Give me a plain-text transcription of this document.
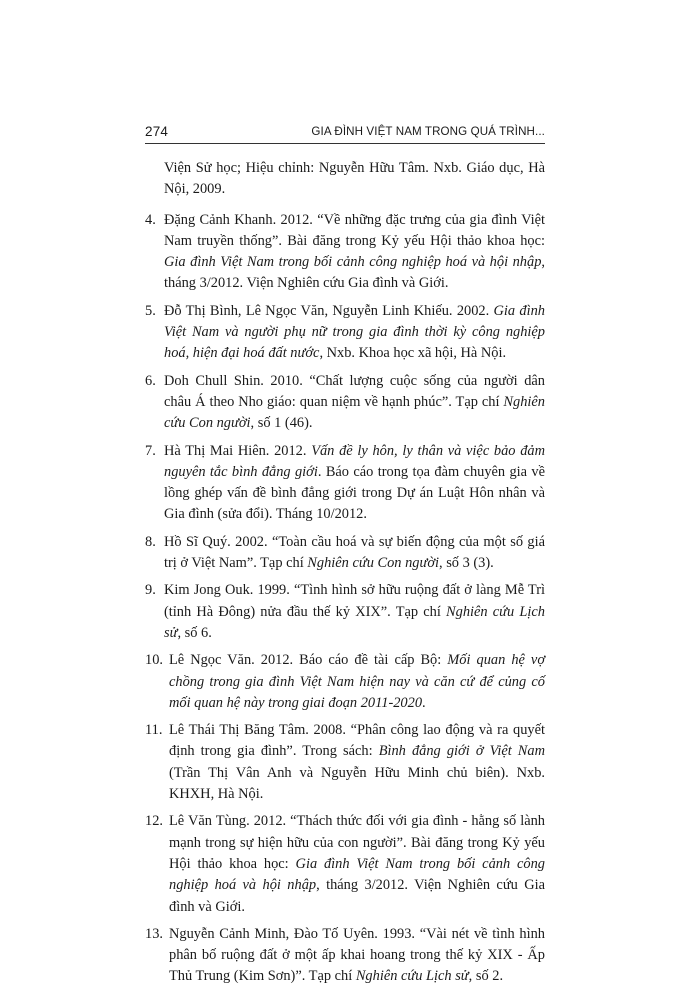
274	GIA ĐÌNH VIỆT NAM TRONG QUÁ TRÌNH...
Viện Sử học; Hiệu chỉnh: Nguyễn Hữu Tâm. Nxb. Giáo dục, Hà Nội, 2009.
4. Đặng Cảnh Khanh. 2012. “Về những đặc trưng của gia đình Việt Nam truyền thống”. Bài đăng trong Kỷ yếu Hội thảo khoa học: Gia đình Việt Nam trong bối cảnh công nghiệp hoá và hội nhập, tháng 3/2012. Viện Nghiên cứu Gia đình và Giới.
5. Đỗ Thị Bình, Lê Ngọc Văn, Nguyễn Linh Khiếu. 2002. Gia đình Việt Nam và người phụ nữ trong gia đình thời kỳ công nghiệp hoá, hiện đại hoá đất nước, Nxb. Khoa học xã hội, Hà Nội.
6. Doh Chull Shin. 2010. “Chất lượng cuộc sống của người dân châu Á theo Nho giáo: quan niệm về hạnh phúc”. Tạp chí Nghiên cứu Con người, số 1 (46).
7. Hà Thị Mai Hiên. 2012. Vấn đề ly hôn, ly thân và việc bảo đảm nguyên tắc bình đẳng giới. Báo cáo trong tọa đàm chuyên gia về lồng ghép vấn đề bình đẳng giới trong Dự án Luật Hôn nhân và Gia đình (sửa đổi). Tháng 10/2012.
8. Hồ Sĩ Quý. 2002. “Toàn cầu hoá và sự biến động của một số giá trị ở Việt Nam”. Tạp chí Nghiên cứu Con người, số 3 (3).
9. Kim Jong Ouk. 1999. “Tình hình sở hữu ruộng đất ở làng Mễ Trì (tỉnh Hà Đông) nửa đầu thế kỷ XIX”. Tạp chí Nghiên cứu Lịch sử, số 6.
10. Lê Ngọc Văn. 2012. Báo cáo đề tài cấp Bộ: Mối quan hệ vợ chồng trong gia đình Việt Nam hiện nay và căn cứ để củng cố mối quan hệ này trong giai đoạn 2011-2020.
11. Lê Thái Thị Băng Tâm. 2008. “Phân công lao động và ra quyết định trong gia đình”. Trong sách: Bình đẳng giới ở Việt Nam (Trần Thị Vân Anh và Nguyễn Hữu Minh chủ biên). Nxb. KHXH, Hà Nội.
12. Lê Văn Tùng. 2012. “Thách thức đối với gia đình - hằng số lành mạnh trong sự hiện hữu của con người”. Bài đăng trong Kỷ yếu Hội thảo khoa học: Gia đình Việt Nam trong bối cảnh công nghiệp hoá và hội nhập, tháng 3/2012. Viện Nghiên cứu Gia đình và Giới.
13. Nguyễn Cảnh Minh, Đào Tố Uyên. 1993. “Vài nét về tình hình phân bố ruộng đất ở một ấp khai hoang trong thế kỷ XIX - Ấp Thủ Trung (Kim Sơn)”. Tạp chí Nghiên cứu Lịch sử, số 2.
